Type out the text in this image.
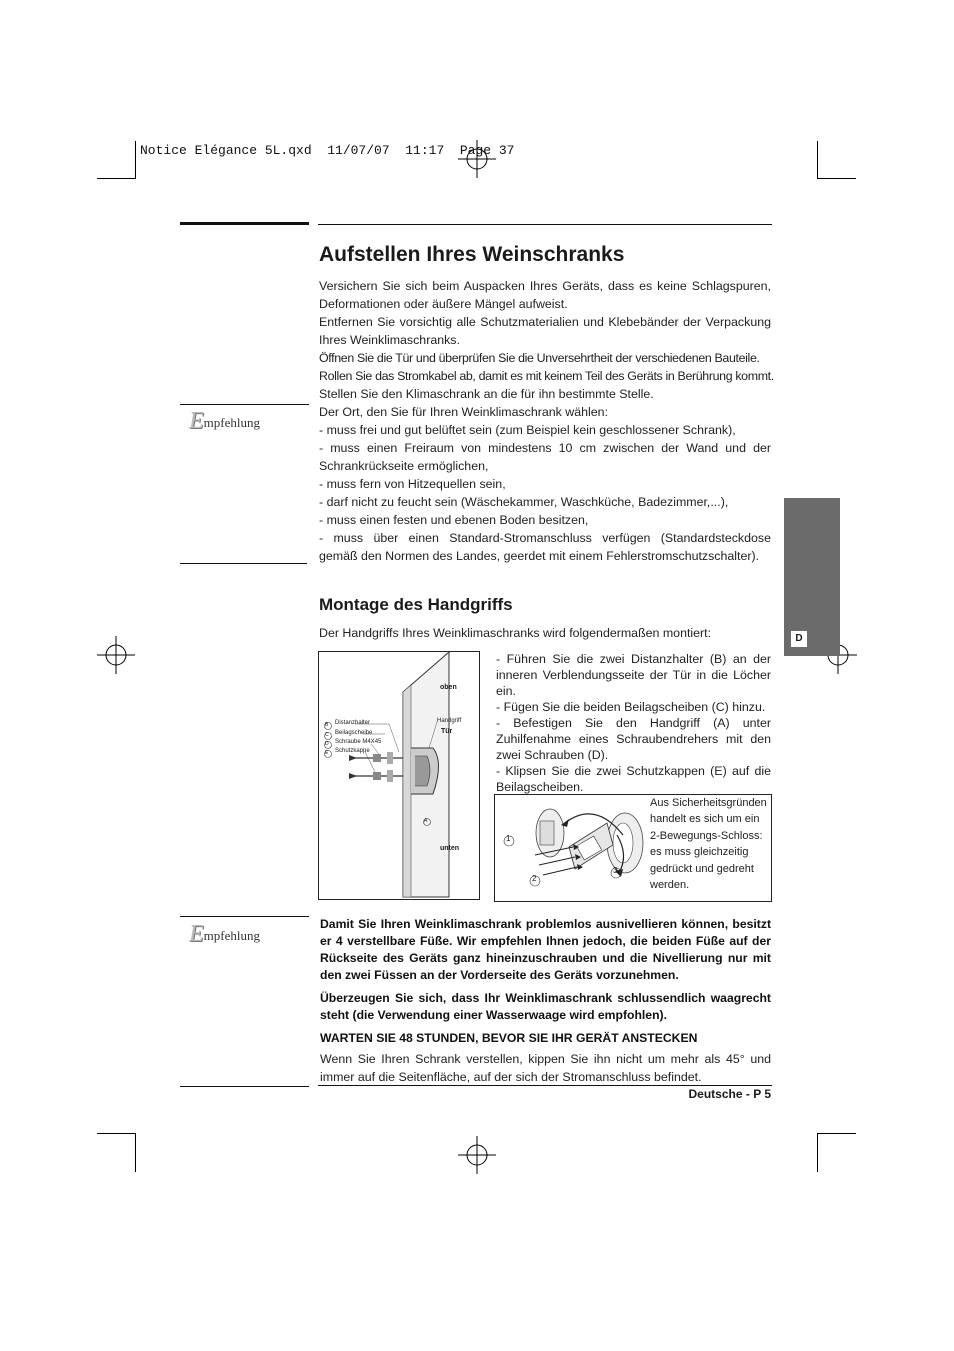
Notice Elégance 5L.qxd  11/07/07  11:17  Page 37
D
Aufstellen Ihres Weinschranks
E mpfehlung

Versichern Sie sich beim Auspacken Ihres Geräts, dass es keine Schlagspuren, Deformationen oder äußere Mängel aufweist.

Entfernen Sie vorsichtig alle Schutzmaterialien und Klebebänder der Verpackung Ihres Weinklimaschranks.

Öffnen Sie die Tür und überprüfen Sie die Unversehrtheit der verschiedenen Bauteile.

Rollen Sie das Stromkabel ab, damit es mit keinem Teil des Geräts in Berührung kommt.

Stellen Sie den Klimaschrank an die für ihn bestimmte Stelle.

Der Ort, den Sie für Ihren Weinklimaschrank wählen:

- muss frei und gut belüftet sein (zum Beispiel kein geschlossener Schrank),

- muss einen Freiraum von mindestens 10 cm zwischen der Wand und der Schrankrückseite ermöglichen,

- muss fern von Hitzequellen sein,

- darf nicht zu feucht sein (Wäschekammer, Waschküche, Badezimmer,...),

- muss einen festen und ebenen Boden besitzen,

- muss über einen Standard-Stromanschluss verfügen (Standardsteckdose gemäß den Normen des Landes, geerdet mit einem Fehlerstromschutzschalter).

Montage des Handgriffs
Der Handgriffs Ihres Weinklimaschranks wird folgendermaßen montiert:
B
C
D
E
A
Distanzhalter
Beilagscheibe
Schraube M4X45
Schutzkappe
Handgriff
oben
Tür
unten

- Führen Sie die zwei Distanzhalter (B) an der inneren Verblendungsseite der Tür in die Löcher ein.

- Fügen Sie die beiden Beilagscheiben (C) hinzu.

- Befestigen Sie den Handgriff (A) unter Zuhilfenahme eines Schraubendrehers mit den zwei Schrauben (D).

- Klipsen Sie die zwei Schutzkappen (E) auf die Beilagscheiben.

1
2
3
Aus Sicherheitsgründen handelt es sich um ein 2-Bewegungs-Schloss: es muss gleichzeitig gedrückt und gedreht werden.
E mpfehlung

Damit Sie Ihren Weinklimaschrank problemlos ausnivellieren können, besitzt er 4 verstellbare Füße. Wir empfehlen Ihnen jedoch, die beiden Füße auf der Rückseite des Geräts ganz hineinzuschrauben und die Nivellierung nur mit den zwei Füssen an der Vorderseite des Geräts vorzunehmen.

Überzeugen Sie sich, dass Ihr Weinklimaschrank schlussendlich waagrecht steht (die Verwendung einer Wasserwaage wird empfohlen).

WARTEN SIE 48 STUNDEN, BEVOR SIE IHR GERÄT ANSTECKEN

Wenn Sie Ihren Schrank verstellen, kippen Sie ihn nicht um mehr als 45° und immer auf die Seitenfläche, auf der sich der Stromanschluss befindet.
Deutsche - P 5
